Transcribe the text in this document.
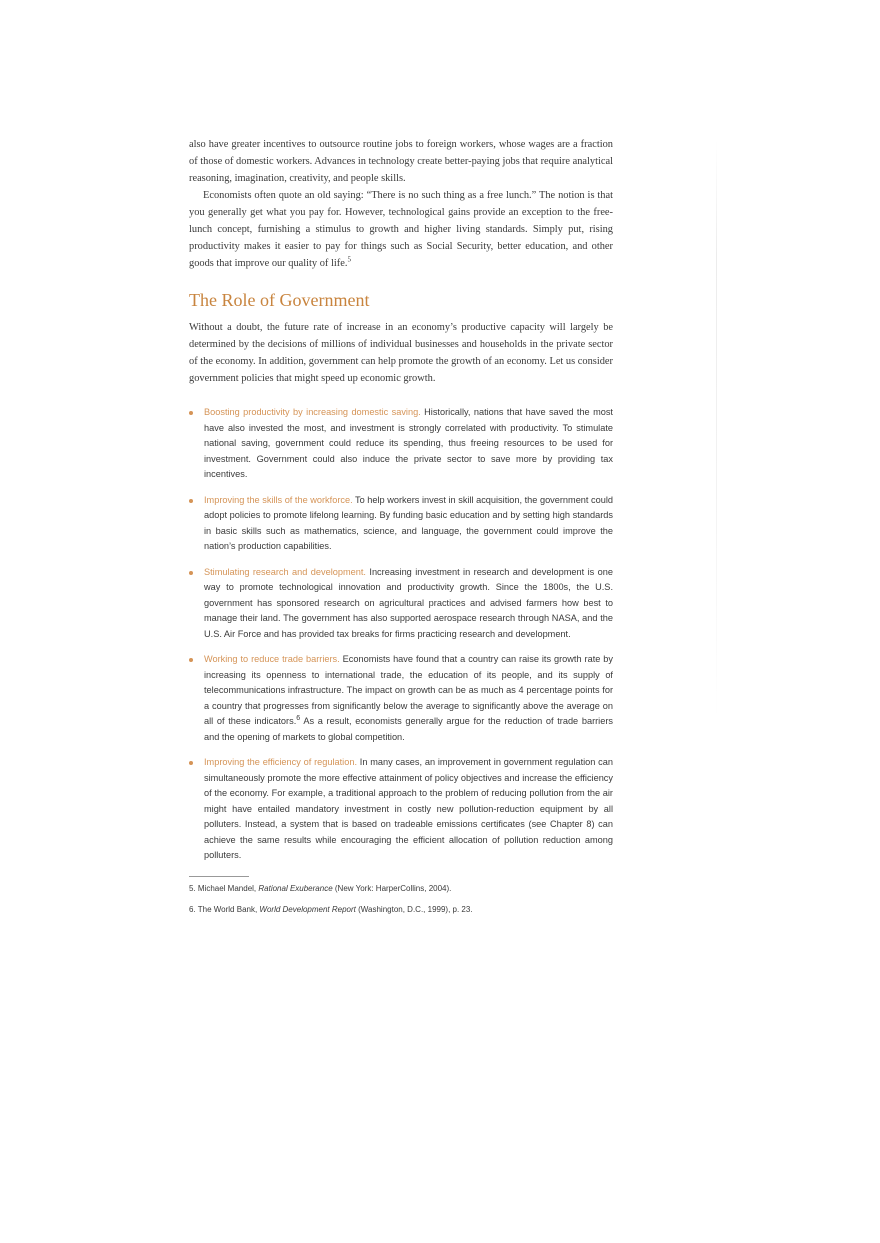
also have greater incentives to outsource routine jobs to foreign workers, whose wages are a fraction of those of domestic workers. Advances in technology create better-paying jobs that require analytical reasoning, imagination, creativity, and people skills.

Economists often quote an old saying: “There is no such thing as a free lunch.” The notion is that you generally get what you pay for. However, technological gains provide an exception to the free-lunch concept, furnishing a stimulus to growth and higher living standards. Simply put, rising productivity makes it easier to pay for things such as Social Security, better education, and other goods that improve our quality of life.$^5$

The Role of Government

Without a doubt, the future rate of increase in an economy’s productive capacity will largely be determined by the decisions of millions of individual businesses and households in the private sector of the economy. In addition, government can help promote the growth of an economy. Let us consider government policies that might speed up economic growth.

Boosting productivity by increasing domestic saving. Historically, nations that have saved the most have also invested the most, and investment is strongly correlated with productivity. To stimulate national saving, government could reduce its spending, thus freeing resources to be used for investment. Government could also induce the private sector to save more by providing tax incentives.
Improving the skills of the workforce. To help workers invest in skill acquisition, the government could adopt policies to promote lifelong learning. By funding basic education and by setting high standards in basic skills such as mathematics, science, and language, the government could improve the nation’s production capabilities.
Stimulating research and development. Increasing investment in research and development is one way to promote technological innovation and productivity growth. Since the 1800s, the U.S. government has sponsored research on agricultural practices and advised farmers how best to manage their land. The government has also supported aerospace research through NASA, and the U.S. Air Force and has provided tax breaks for firms practicing research and development.
Working to reduce trade barriers. Economists have found that a country can raise its growth rate by increasing its openness to international trade, the education of its people, and its supply of telecommunications infrastructure. The impact on growth can be as much as 4 percentage points for a country that progresses from significantly below the average to significantly above the average on all of these indicators.$^6$ As a result, economists generally argue for the reduction of trade barriers and the opening of markets to global competition.
Improving the efficiency of regulation. In many cases, an improvement in government regulation can simultaneously promote the more effective attainment of policy objectives and increase the efficiency of the economy. For example, a traditional approach to the problem of reducing pollution from the air might have entailed mandatory investment in costly new pollution-reduction equipment by all polluters. Instead, a system that is based on tradeable emissions certificates (see Chapter 8) can achieve the same results while encouraging the efficient allocation of pollution reduction among polluters.

5. Michael Mandel, Rational Exuberance (New York: HarperCollins, 2004).

6. The World Bank, World Development Report (Washington, D.C., 1999), p. 23.
